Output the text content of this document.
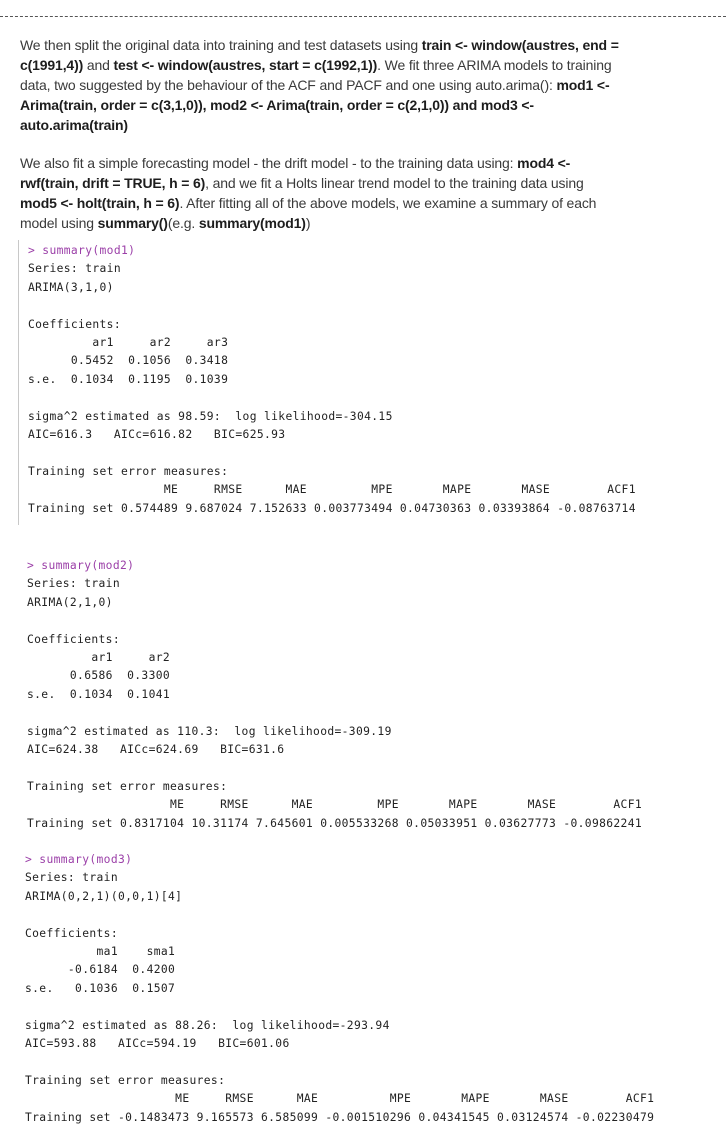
We then split the original data into training and test datasets using train <- window(austres, end = c(1991,4)) and test <- window(austres, start = c(1992,1)). We fit three ARIMA models to training data, two suggested by the behaviour of the ACF and PACF and one using auto.arima(): mod1 <- Arima(train, order = c(3,1,0)), mod2 <- Arima(train, order = c(2,1,0)) and mod3 <- auto.arima(train)

We also fit a simple forecasting model - the drift model - to the training data using: mod4 <- rwf(train, drift = TRUE, h = 6), and we fit a Holts linear trend model to the training data using mod5 <- holt(train, h = 6). After fitting all of the above models, we examine a summary of each model using summary()(e.g. summary(mod1))

> summary(mod1)
Series: train
ARIMA(3,1,0)

Coefficients:
ar1     ar2     ar3
0.5452  0.1056  0.3418
s.e.  0.1034  0.1195  0.1039

sigma^2 estimated as 98.59:  log likelihood=-304.15
AIC=616.3   AICc=616.82   BIC=625.93

Training set error measures:
ME     RMSE      MAE         MPE       MAPE       MASE        ACF1
Training set 0.574489 9.687024 7.152633 0.003773494 0.04730363 0.03393864 -0.08763714
> summary(mod2)
Series: train
ARIMA(2,1,0)

Coefficients:
ar1     ar2
0.6586  0.3300
s.e.  0.1034  0.1041

sigma^2 estimated as 110.3:  log likelihood=-309.19
AIC=624.38   AICc=624.69   BIC=631.6

Training set error measures:
ME     RMSE      MAE         MPE       MAPE       MASE        ACF1
Training set 0.8317104 10.31174 7.645601 0.005533268 0.05033951 0.03627773 -0.09862241
> summary(mod3)
Series: train
ARIMA(0,2,1)(0,0,1)[4]

Coefficients:
ma1    sma1
-0.6184  0.4200
s.e.   0.1036  0.1507

sigma^2 estimated as 88.26:  log likelihood=-293.94
AIC=593.88   AICc=594.19   BIC=601.06

Training set error measures:
ME     RMSE      MAE          MPE       MAPE       MASE        ACF1
Training set -0.1483473 9.165573 6.585099 -0.001510296 0.04341545 0.03124574 -0.02230479
